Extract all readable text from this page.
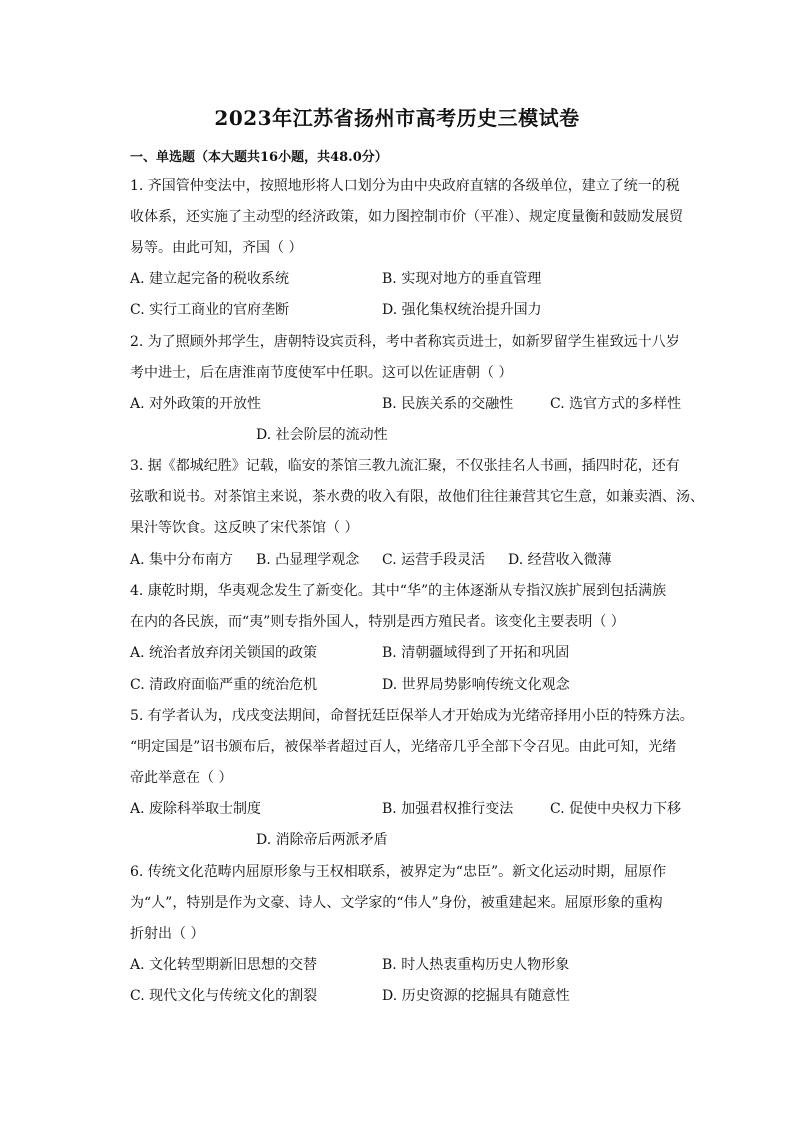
2023年江苏省扬州市高考历史三模试卷
一、单选题（本大题共16小题，共48.0分）
1. 齐国管仲变法中，按照地形将人口划分为由中央政府直辖的各级单位，建立了统一的税
收体系，还实施了主动型的经济政策，如力图控制市价（平准）、规定度量衡和鼓励发展贸
易等。由此可知，齐国（ ）
A. 建立起完备的税收系统	B. 实现对地方的垂直管理
C. 实行工商业的官府垄断	D. 强化集权统治提升国力
2. 为了照顾外邦学生，唐朝特设宾贡科，考中者称宾贡进士，如新罗留学生崔致远十八岁
考中进士，后在唐淮南节度使军中任职。这可以佐证唐朝（ ）
A. 对外政策的开放性	B. 民族关系的交融性	C. 选官方式的多样性
D. 社会阶层的流动性
3. 据《都城纪胜》记载，临安的茶馆三教九流汇聚，不仅张挂名人书画，插四时花，还有
弦歌和说书。对茶馆主来说，茶水费的收入有限，故他们往往兼营其它生意，如兼卖酒、汤、
果汁等饮食。这反映了宋代茶馆（ ）
A. 集中分布南方 B. 凸显理学观念 C. 运营手段灵活 D. 经营收入微薄
4. 康乾时期，华夷观念发生了新变化。其中“华”的主体逐渐从专指汉族扩展到包括满族
在内的各民族，而“夷”则专指外国人，特别是西方殖民者。该变化主要表明（ ）
A. 统治者放弃闭关锁国的政策	B. 清朝疆域得到了开拓和巩固
C. 清政府面临严重的统治危机	D. 世界局势影响传统文化观念
5. 有学者认为，戊戌变法期间，命督抚廷臣保举人才开始成为光绪帝择用小臣的特殊方法。
“明定国是”诏书颁布后，被保举者超过百人，光绪帝几乎全部下令召见。由此可知，光绪
帝此举意在（ ）
A. 废除科举取士制度	B. 加强君权推行变法	C. 促使中央权力下移
D. 消除帝后两派矛盾
6. 传统文化范畴内屈原形象与王权相联系，被界定为“忠臣”。新文化运动时期，屈原作
为“人”，特别是作为文豪、诗人、文学家的“伟人”身份，被重建起来。屈原形象的重构
折射出（ ）
A. 文化转型期新旧思想的交替	B. 时人热衷重构历史人物形象
C. 现代文化与传统文化的割裂	D. 历史资源的挖掘具有随意性
